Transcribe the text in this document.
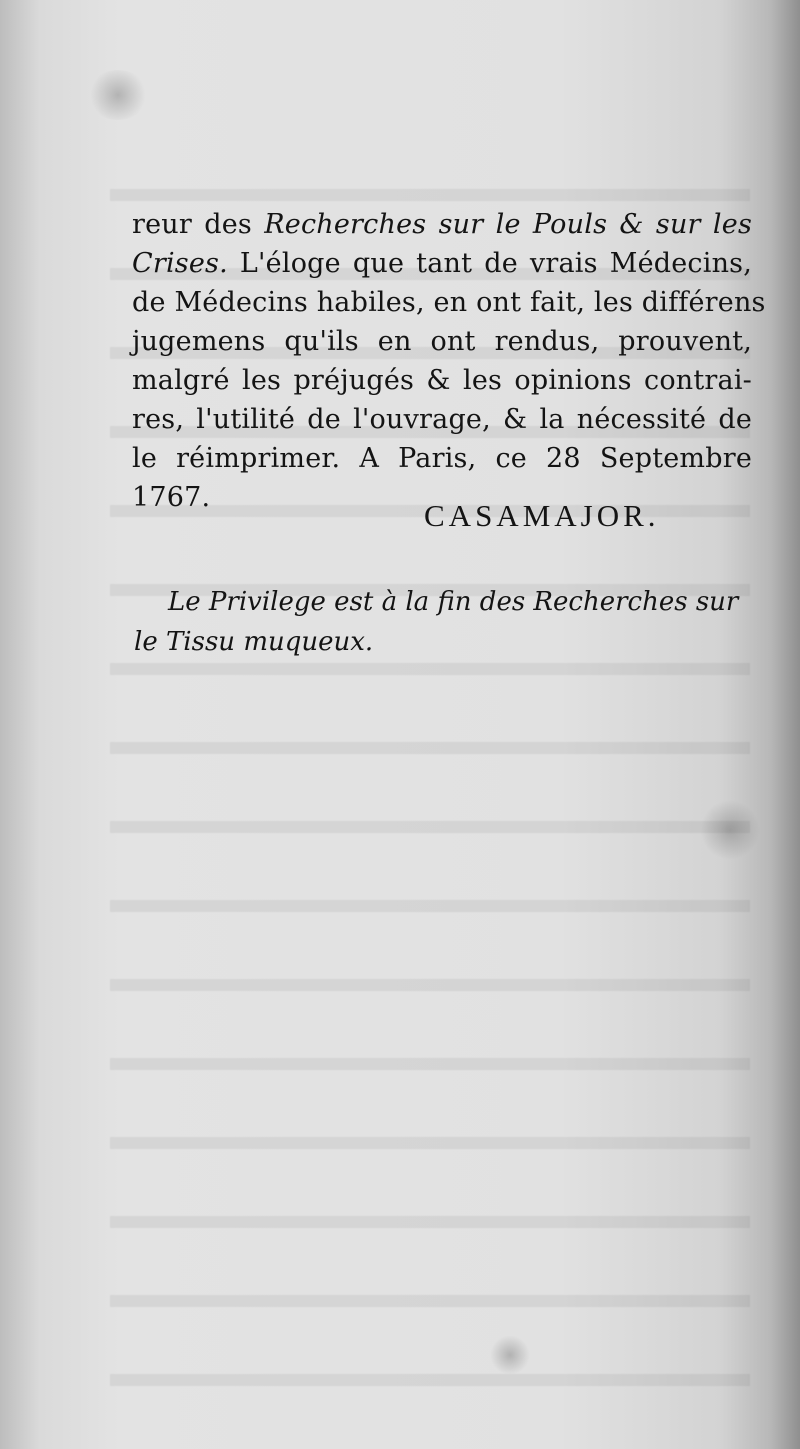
reur des Recherches sur le Pouls & sur les
Crises. L'éloge que tant de vrais Médecins,
de Médecins habiles, en ont fait, les différens
jugemens qu'ils en ont rendus, prouvent,
malgré les préjugés & les opinions contrai-
res, l'utilité de l'ouvrage, & la nécessité de
le réimprimer. A Paris, ce 28 Septembre
1767.
CASAMAJOR.
Le Privilege est à la fin des Recherches sur
le Tissu muqueux.
